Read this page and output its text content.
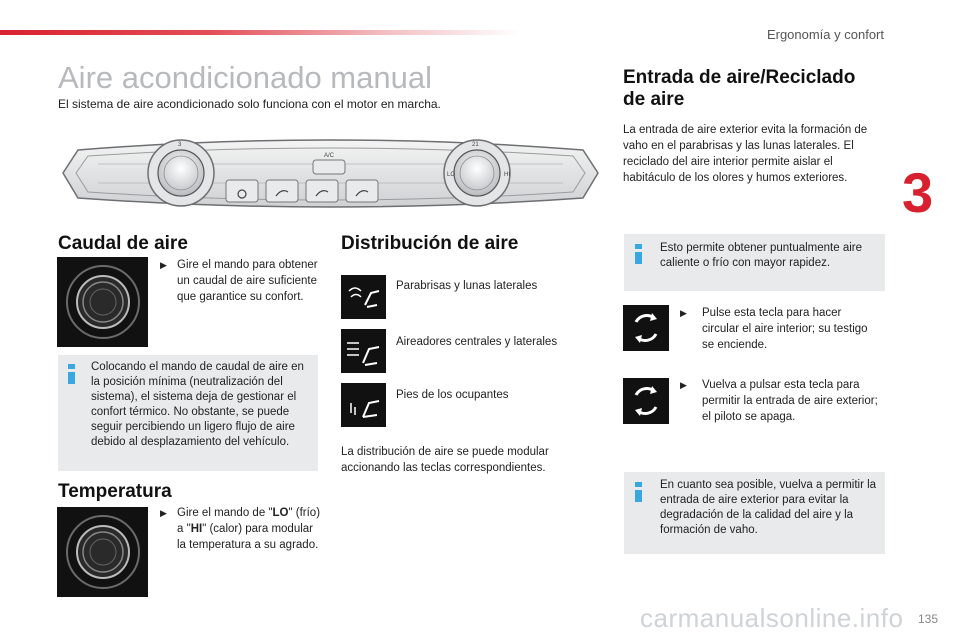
Ergonomía y confort
3
Aire acondicionado manual
El sistema de aire acondicionado solo funciona con el motor en marcha.
3	21
LO	HI
A/C
Caudal de aire
▶ Gire el mando para obtener un caudal de aire suficiente que garantice su confort.
Colocando el mando de caudal de aire en la posición mínima (neutralización del sistema), el sistema deja de gestionar el confort térmico. No obstante, se puede seguir percibiendo un ligero flujo de aire debido al desplazamiento del vehículo.
Temperatura
▶ Gire el mando de "LO" (frío) a "HI" (calor) para modular la temperatura a su agrado.
Distribución de aire
Parabrisas y lunas laterales
Aireadores centrales y laterales
Pies de los ocupantes
La distribución de aire se puede modular accionando las teclas correspondientes.
Entrada de aire/Reciclado
de aire
La entrada de aire exterior evita la formación de vaho en el parabrisas y las lunas laterales. El reciclado del aire interior permite aislar el habitáculo de los olores y humos exteriores.
Esto permite obtener puntualmente aire caliente o frío con mayor rapidez.
▶ Pulse esta tecla para hacer circular el aire interior; su testigo se enciende.
▶ Vuelva a pulsar esta tecla para permitir la entrada de aire exterior; el piloto se apaga.
En cuanto sea posible, vuelva a permitir la entrada de aire exterior para evitar la degradación de la calidad del aire y la formación de vaho.
carmanualsonline.info 135
